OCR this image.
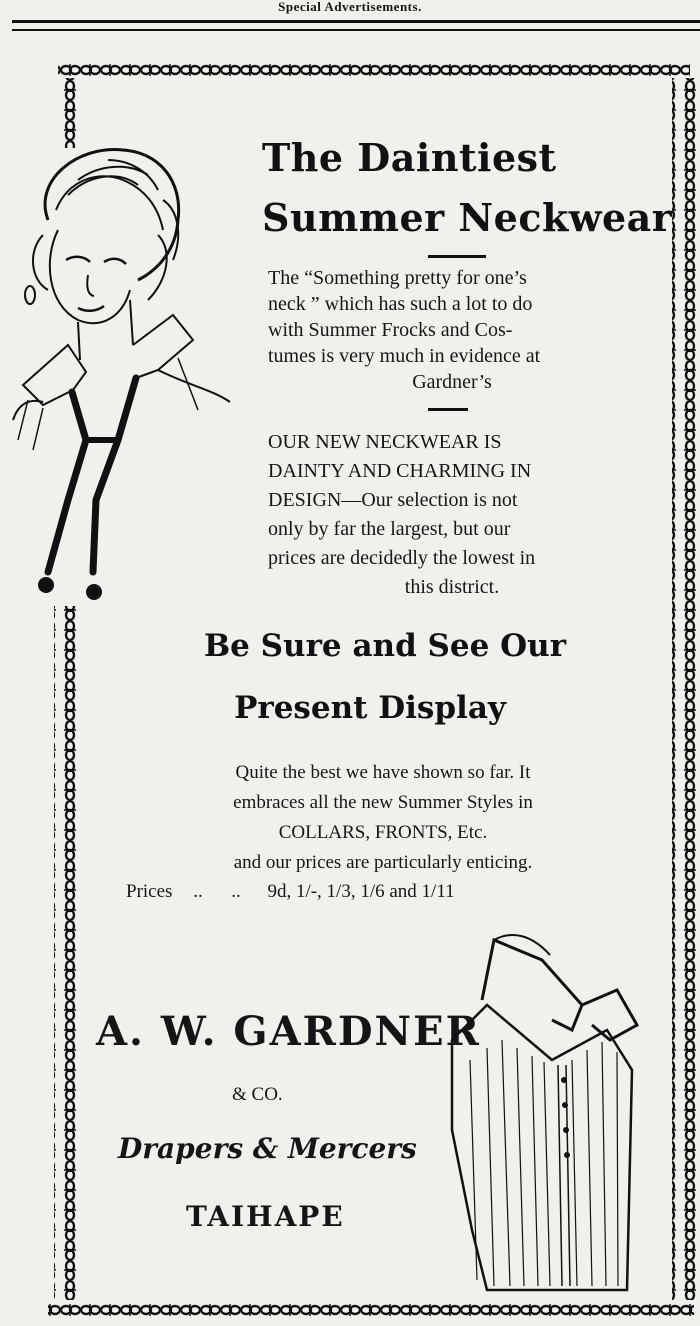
Special Advertisements.
The Daintiest
Summer Neckwear
The “Something pretty for one’s
neck ” which has such a lot to do
with Summer Frocks and Cos-
tumes is very much in evidence at
Gardner’s
OUR NEW NECKWEAR IS
DAINTY AND CHARMING IN
DESIGN—Our selection is not
only by far the largest, but our
prices are decidedly the lowest in
this district.
Be Sure and See Our
Present Display
Quite the best we have shown so far. It
embraces all the new Summer Styles in
COLLARS, FRONTS, Etc.
and our prices are particularly enticing.
Prices ..      .. 9d, 1/-, 1/3, 1/6 and 1/11
A. W. GARDNER
& CO.
Drapers & Mercers
TAIHAPE
